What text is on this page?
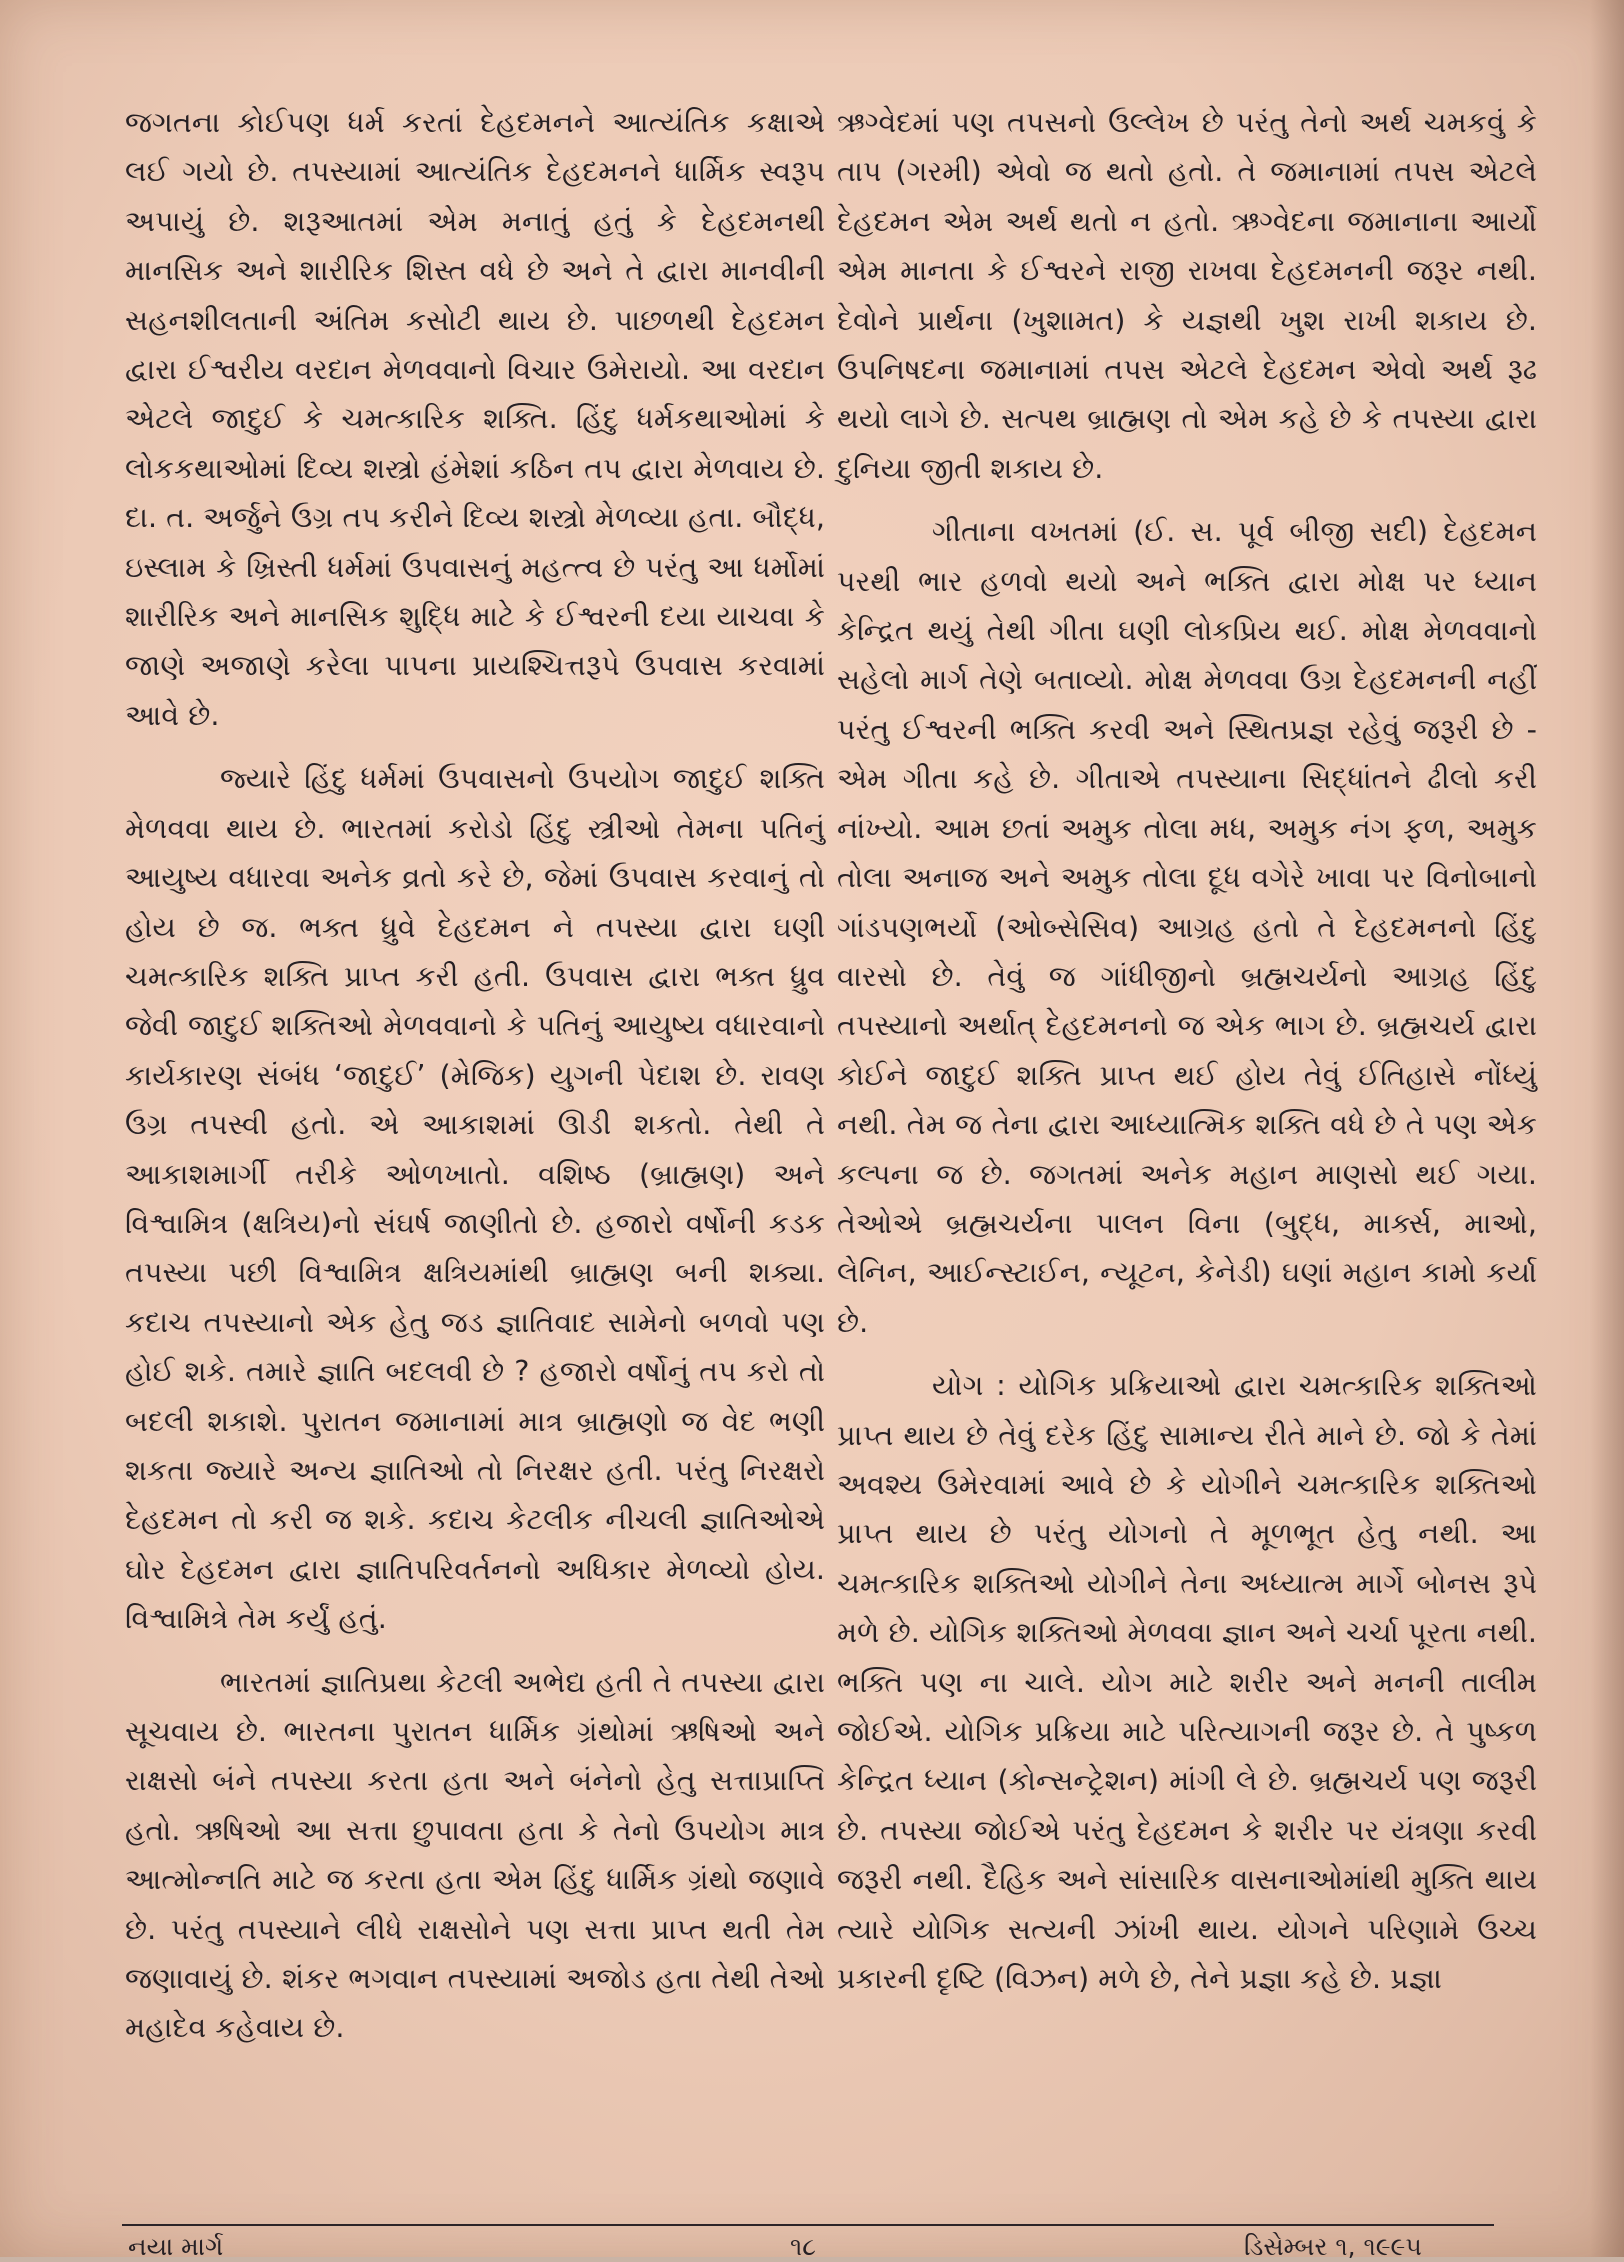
જગતના કોઈપણ ધર્મ કરતાં દેહદમનને આત્યંતિક કક્ષાએ લઈ ગયો છે. તપસ્યામાં આત્યંતિક દેહદમનને ધાર્મિક સ્વરૂપ અપાયું છે. શરૂઆતમાં એમ મનાતું હતું કે દેહદમનથી માનસિક અને શારીરિક શિસ્ત વધે છે અને તે દ્વારા માનવીની સહનશીલતાની અંતિમ કસોટી થાય છે. પાછળથી દેહદમન દ્વારા ઈશ્વરીય વરદાન મેળવવાનો વિચાર ઉમેરાયો. આ વરદાન એટલે જાદુઈ કે ચમત્કારિક શક્તિ. હિંદુ ધર્મકથાઓમાં કે લોકકથાઓમાં દિવ્ય શસ્ત્રો હંમેશાં કઠિન તપ દ્વારા મેળવાય છે. દા. ત. અર્જુને ઉગ્ર તપ કરીને દિવ્ય શસ્ત્રો મેળવ્યા હતા. બૌદ્ધ, ઇસ્લામ કે ખ્રિસ્તી ધર્મમાં ઉપવાસનું મહત્ત્વ છે પરંતુ આ ધર્મોમાં શારીરિક અને માનસિક શુદ્ધિ માટે કે ઈશ્વરની દયા યાચવા કે જાણે અજાણે કરેલા પાપના પ્રાયશ્ચિત્તરૂપે ઉપવાસ કરવામાં આવે છે.

જ્યારે હિંદુ ધર્મમાં ઉપવાસનો ઉપયોગ જાદુઈ શક્તિ મેળવવા થાય છે. ભારતમાં કરોડો હિંદુ સ્ત્રીઓ તેમના પતિનું આયુષ્ય વધારવા અનેક વ્રતો કરે છે, જેમાં ઉપવાસ કરવાનું તો હોય છે જ. ભક્ત ધ્રુવે દેહદમન ને તપસ્યા દ્વારા ઘણી ચમત્કારિક શક્તિ પ્રાપ્ત કરી હતી. ઉપવાસ દ્વારા ભક્ત ધ્રુવ જેવી જાદુઈ શક્તિઓ મેળવવાનો કે પતિનું આયુષ્ય વધારવાનો કાર્યકારણ સંબંધ ‘જાદુઈ’ (મેજિક) યુગની પેદાશ છે. રાવણ ઉગ્ર તપસ્વી હતો. એ આકાશમાં ઊડી શકતો. તેથી તે આકાશમાર્ગી તરીકે ઓળખાતો. વશિષ્ઠ (બ્રાહ્મણ) અને વિશ્વામિત્ર (ક્ષત્રિય)નો સંઘર્ષ જાણીતો છે. હજારો વર્ષોની કડક તપસ્યા પછી વિશ્વામિત્ર ક્ષત્રિયમાંથી બ્રાહ્મણ બની શક્યા. કદાચ તપસ્યાનો એક હેતુ જડ જ્ઞાતિવાદ સામેનો બળવો પણ હોઈ શકે. તમારે જ્ઞાતિ બદલવી છે ? હજારો વર્ષોનું તપ કરો તો બદલી શકાશે. પુરાતન જમાનામાં માત્ર બ્રાહ્મણો જ વેદ ભણી શકતા જ્યારે અન્ય જ્ઞાતિઓ તો નિરક્ષર હતી. પરંતુ નિરક્ષરો દેહદમન તો કરી જ શકે. કદાચ કેટલીક નીચલી જ્ઞાતિઓએ ઘોર દેહદમન દ્વારા જ્ઞાતિપરિવર્તનનો અધિકાર મેળવ્યો હોય. વિશ્વામિત્રે તેમ કર્યું હતું.

ભારતમાં જ્ઞાતિપ્રથા કેટલી અભેદ્ય હતી તે તપસ્યા દ્વારા સૂચવાય છે. ભારતના પુરાતન ધાર્મિક ગ્રંથોમાં ઋષિઓ અને રાક્ષસો બંને તપસ્યા કરતા હતા અને બંનેનો હેતુ સત્તાપ્રાપ્તિ હતો. ઋષિઓ આ સત્તા છુપાવતા હતા કે તેનો ઉપયોગ માત્ર આત્મોન્નતિ માટે જ કરતા હતા એમ હિંદુ ધાર્મિક ગ્રંથો જણાવે છે. પરંતુ તપસ્યાને લીધે રાક્ષસોને પણ સત્તા પ્રાપ્ત થતી તેમ જણાવાયું છે. શંકર ભગવાન તપસ્યામાં અજોડ હતા તેથી તેઓ મહાદેવ કહેવાય છે.

ઋગ્વેદમાં પણ તપસનો ઉલ્લેખ છે પરંતુ તેનો અર્થ ચમકવું કે તાપ (ગરમી) એવો જ થતો હતો. તે જમાનામાં તપસ એટલે દેહદમન એમ અર્થ થતો ન હતો. ઋગ્વેદના જમાનાના આર્યો એમ માનતા કે ઈશ્વરને રાજી રાખવા દેહદમનની જરૂર નથી. દેવોને પ્રાર્થના (ખુશામત) કે યજ્ઞથી ખુશ રાખી શકાય છે. ઉપનિષદના જમાનામાં તપસ એટલે દેહદમન એવો અર્થ રૂઢ થયો લાગે છે. સત્પથ બ્રાહ્મણ તો એમ કહે છે કે તપસ્યા દ્વારા દુનિયા જીતી શકાય છે.

ગીતાના વખતમાં (ઈ. સ. પૂર્વ બીજી સદી) દેહદમન પરથી ભાર હળવો થયો અને ભક્તિ દ્વારા મોક્ષ પર ધ્યાન કેન્દ્રિત થયું તેથી ગીતા ઘણી લોકપ્રિય થઈ. મોક્ષ મેળવવાનો સહેલો માર્ગ તેણે બતાવ્યો. મોક્ષ મેળવવા ઉગ્ર દેહદમનની નહીં પરંતુ ઈશ્વરની ભક્તિ કરવી અને સ્થિતપ્રજ્ઞ રહેવું જરૂરી છે - એમ ગીતા કહે છે. ગીતાએ તપસ્યાના સિદ્ધાંતને ઢીલો કરી નાંખ્યો. આમ છતાં અમુક તોલા મધ, અમુક નંગ ફળ, અમુક તોલા અનાજ અને અમુક તોલા દૂધ વગેરે ખાવા પર વિનોબાનો ગાંડપણભર્યો (ઓબ્સેસિવ) આગ્રહ હતો તે દેહદમનનો હિંદુ વારસો છે. તેવું જ ગાંધીજીનો બ્રહ્મચર્યનો આગ્રહ હિંદુ તપસ્યાનો અર્થાત્ દેહદમનનો જ એક ભાગ છે. બ્રહ્મચર્ય દ્વારા કોઈને જાદુઈ શક્તિ પ્રાપ્ત થઈ હોય તેવું ઈતિહાસે નોંધ્યું નથી. તેમ જ તેના દ્વારા આધ્યાત્મિક શક્તિ વધે છે તે પણ એક કલ્પના જ છે. જગતમાં અનેક મહાન માણસો થઈ ગયા. તેઓએ બ્રહ્મચર્યના પાલન વિના (બુદ્ધ, માર્ક્સ, માઓ, લેનિન, આઈન્સ્ટાઈન, ન્યૂટન, કેનેડી) ઘણાં મહાન કામો કર્યા છે.

યોગ : યોગિક પ્રક્રિયાઓ દ્વારા ચમત્કારિક શક્તિઓ પ્રાપ્ત થાય છે તેવું દરેક હિંદુ સામાન્ય રીતે માને છે. જો કે તેમાં અવશ્ય ઉમેરવામાં આવે છે કે યોગીને ચમત્કારિક શક્તિઓ પ્રાપ્ત થાય છે પરંતુ યોગનો તે મૂળભૂત હેતુ નથી. આ ચમત્કારિક શક્તિઓ યોગીને તેના અધ્યાત્મ માર્ગે બોનસ રૂપે મળે છે. યોગિક શક્તિઓ મેળવવા જ્ઞાન અને ચર્ચા પૂરતા નથી. ભક્તિ પણ ના ચાલે. યોગ માટે શરીર અને મનની તાલીમ જોઈએ. યોગિક પ્રક્રિયા માટે પરિત્યાગની જરૂર છે. તે પુષ્કળ કેન્દ્રિત ધ્યાન (કોન્સન્ટ્રેશન) માંગી લે છે. બ્રહ્મચર્ય પણ જરૂરી છે. તપસ્યા જોઈએ પરંતુ દેહદમન કે શરીર પર યંત્રણા કરવી જરૂરી નથી. દૈહિક અને સાંસારિક વાસનાઓમાંથી મુક્તિ થાય ત્યારે યોગિક સત્યની ઝાંખી થાય. યોગને પરિણામે ઉચ્ચ પ્રકારની દૃષ્ટિ (વિઝન) મળે છે, તેને પ્રજ્ઞા કહે છે. પ્રજ્ઞા

નયા માર્ગ	૧૮	ડિસેમ્બર ૧, ૧૯૯૫
